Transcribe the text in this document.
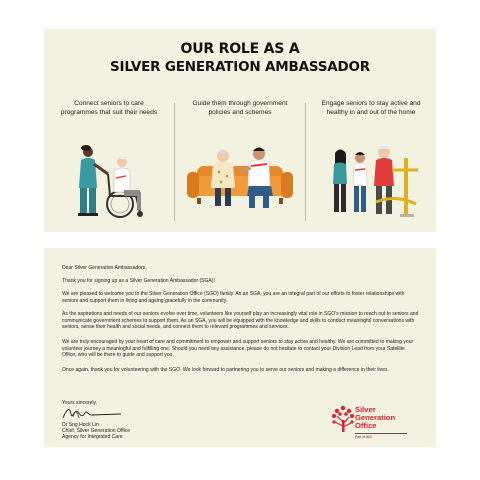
OUR ROLE AS A
SILVER GENERATION AMBASSADOR
Connect seniors to care programmes that suit their needs
Guide them through government policies and schemes
Engage seniors to stay active and healthy in and out of the home

Dear Silver Generation Ambassadors,

Thank you for signing up as a Silver Generation Ambassador (SGA)!

We are pleased to welcome you to the Silver Generation Office (SGO) family. As an SGA, you are an integral part of our efforts to foster relationships with seniors and support them in living and ageing gracefully in the community.

As the aspirations and needs of our seniors evolve over time, volunteers like yourself play an increasingly vital role in SGO's mission to reach out to seniors and communicate government schemes to support them. As an SGA, you will be equipped with the knowledge and skills to conduct meaningful conversations with seniors, sense their health and social needs, and connect them to relevant programmes and services.

We are truly encouraged by your heart of care and commitment to empower and support seniors to stay active and healthy. We are committed to making your volunteer journey a meaningful and fulfilling one. Should you need any assistance, please do not hesitate to contact your Division Lead from your Satellite Office, who will be there to guide and support you.

Once again, thank you for volunteering with the SGO. We look forward to partnering you to serve our seniors and making a difference in their lives.

Yours sincerely,

Dr Sng Hock Lin
Chief, Silver Generation Office
Agency for Integrated Care
Silver
Generation
Office
Part of AIC
